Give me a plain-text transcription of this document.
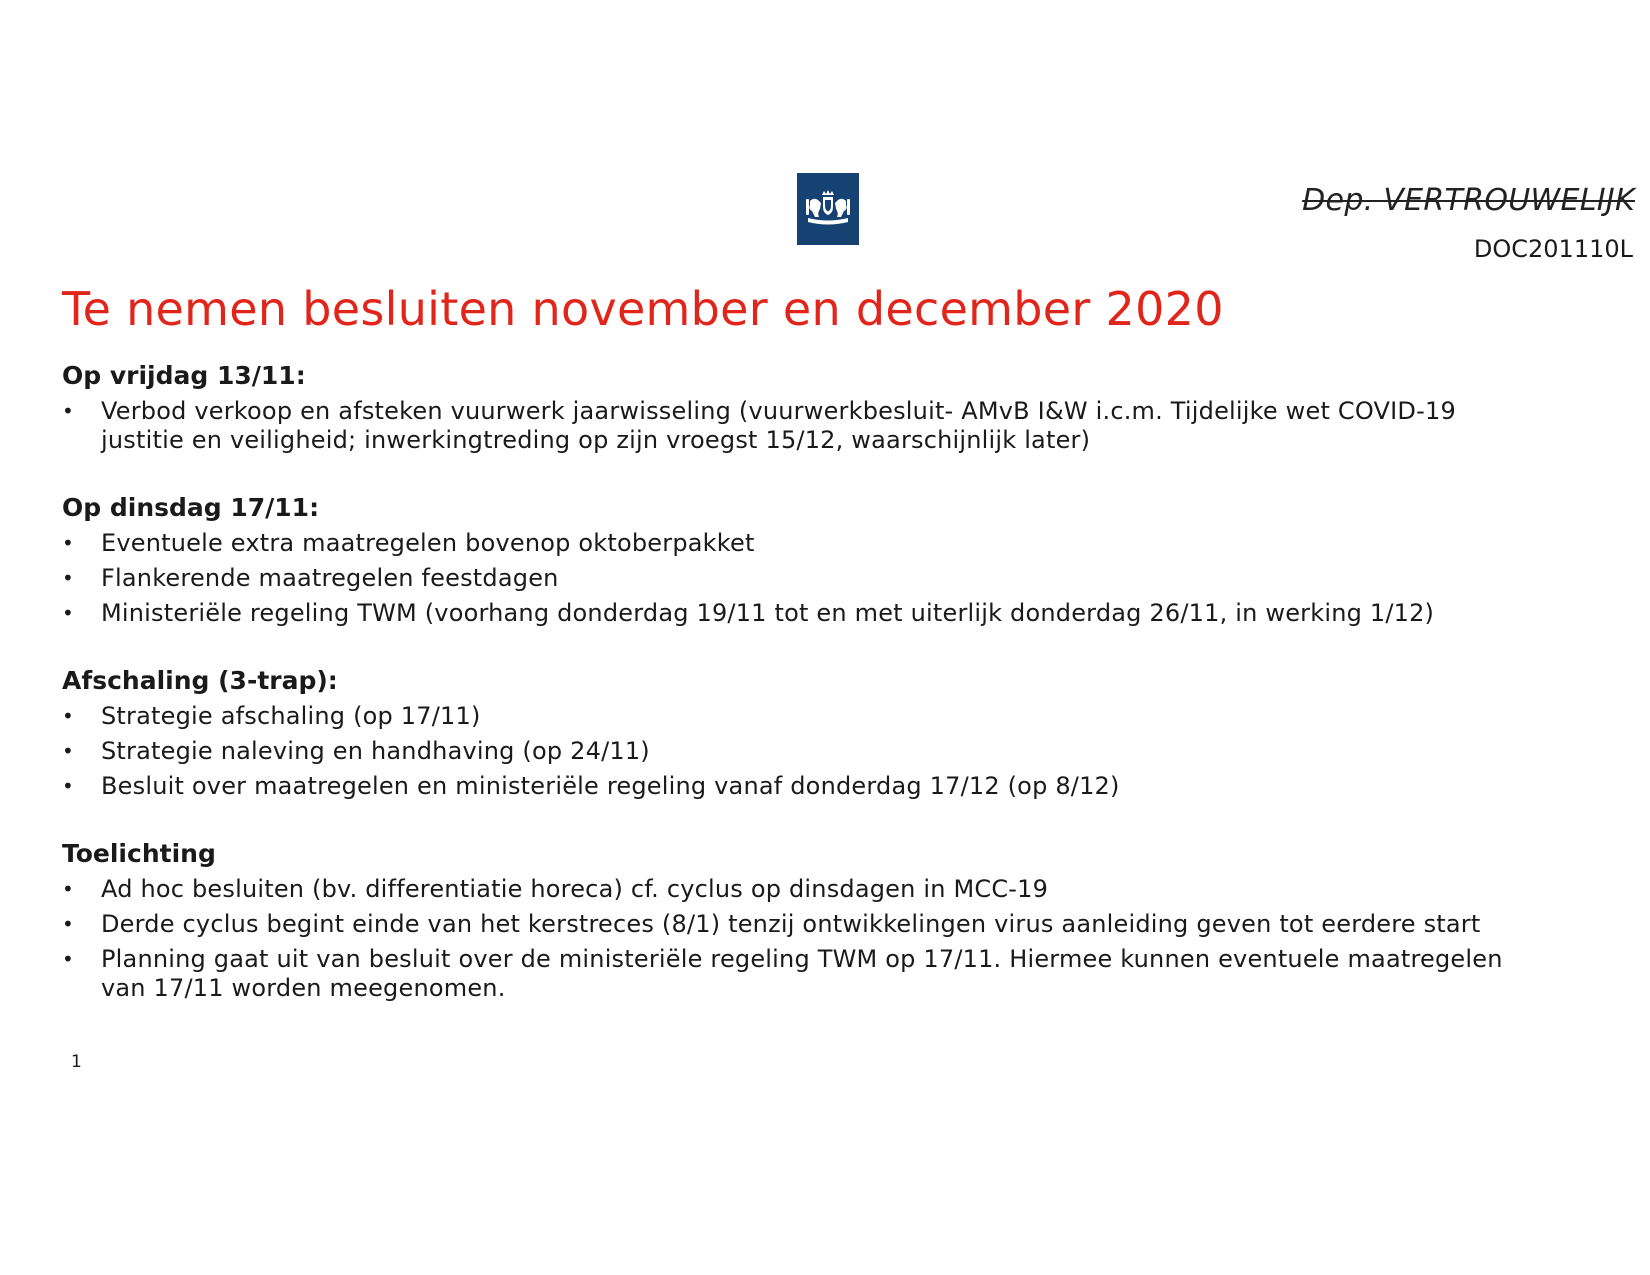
Dep. VERTROUWELIJK
DOC201110L
Te nemen besluiten november en december 2020
Op vrijdag 13/11:
• Verbod verkoop en afsteken vuurwerk jaarwisseling (vuurwerkbesluit- AMvB I&W i.c.m. Tijdelijke wet COVID-19 justitie en veiligheid; inwerkingtreding op zijn vroegst 15/12, waarschijnlijk later)
Op dinsdag 17/11:
• Eventuele extra maatregelen bovenop oktoberpakket
• Flankerende maatregelen feestdagen
• Ministeriële regeling TWM (voorhang donderdag 19/11 tot en met uiterlijk donderdag 26/11, in werking 1/12)
Afschaling (3-trap):
• Strategie afschaling (op 17/11)
• Strategie naleving en handhaving (op 24/11)
• Besluit over maatregelen en ministeriële regeling vanaf donderdag 17/12 (op 8/12)
Toelichting
• Ad hoc besluiten (bv. differentiatie horeca) cf. cyclus op dinsdagen in MCC-19
• Derde cyclus begint einde van het kerstreces (8/1) tenzij ontwikkelingen virus aanleiding geven tot eerdere start
• Planning gaat uit van besluit over de ministeriële regeling TWM op 17/11. Hiermee kunnen eventuele maatregelen van 17/11 worden meegenomen.
1
